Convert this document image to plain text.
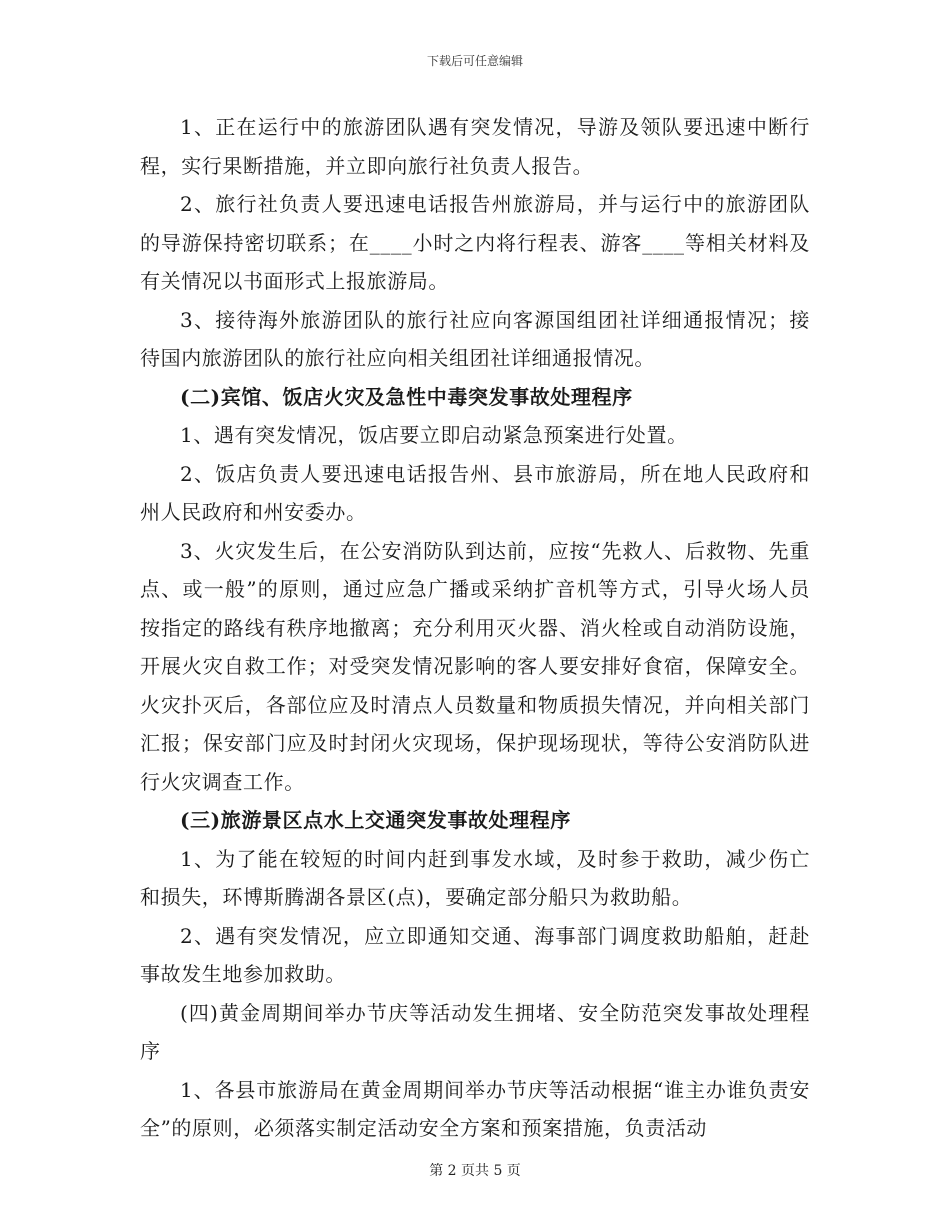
下载后可任意编辑

1、正在运行中的旅游团队遇有突发情况，导游及领队要迅速中断行程，实行果断措施，并立即向旅行社负责人报告。

2、旅行社负责人要迅速电话报告州旅游局，并与运行中的旅游团队的导游保持密切联系；在____小时之内将行程表、游客____等相关材料及有关情况以书面形式上报旅游局。

3、接待海外旅游团队的旅行社应向客源国组团社详细通报情况；接待国内旅游团队的旅行社应向相关组团社详细通报情况。

(二)宾馆、饭店火灾及急性中毒突发事故处理程序

1、遇有突发情况，饭店要立即启动紧急预案进行处置。

2、饭店负责人要迅速电话报告州、县市旅游局，所在地人民政府和州人民政府和州安委办。

3、火灾发生后，在公安消防队到达前，应按“先救人、后救物、先重点、或一般”的原则，通过应急广播或采纳扩音机等方式，引导火场人员按指定的路线有秩序地撤离；充分利用灭火器、消火栓或自动消防设施，开展火灾自救工作；对受突发情况影响的客人要安排好食宿，保障安全。火灾扑灭后，各部位应及时清点人员数量和物质损失情况，并向相关部门汇报；保安部门应及时封闭火灾现场，保护现场现状，等待公安消防队进行火灾调查工作。

(三)旅游景区点水上交通突发事故处理程序

1、为了能在较短的时间内赶到事发水域，及时参于救助，减少伤亡和损失，环博斯腾湖各景区(点)，要确定部分船只为救助船。

2、遇有突发情况，应立即通知交通、海事部门调度救助船舶，赶赴事故发生地参加救助。

(四)黄金周期间举办节庆等活动发生拥堵、安全防范突发事故处理程序

1、各县市旅游局在黄金周期间举办节庆等活动根据“谁主办谁负责安全”的原则，必须落实制定活动安全方案和预案措施，负责活动

第 2 页共 5 页
